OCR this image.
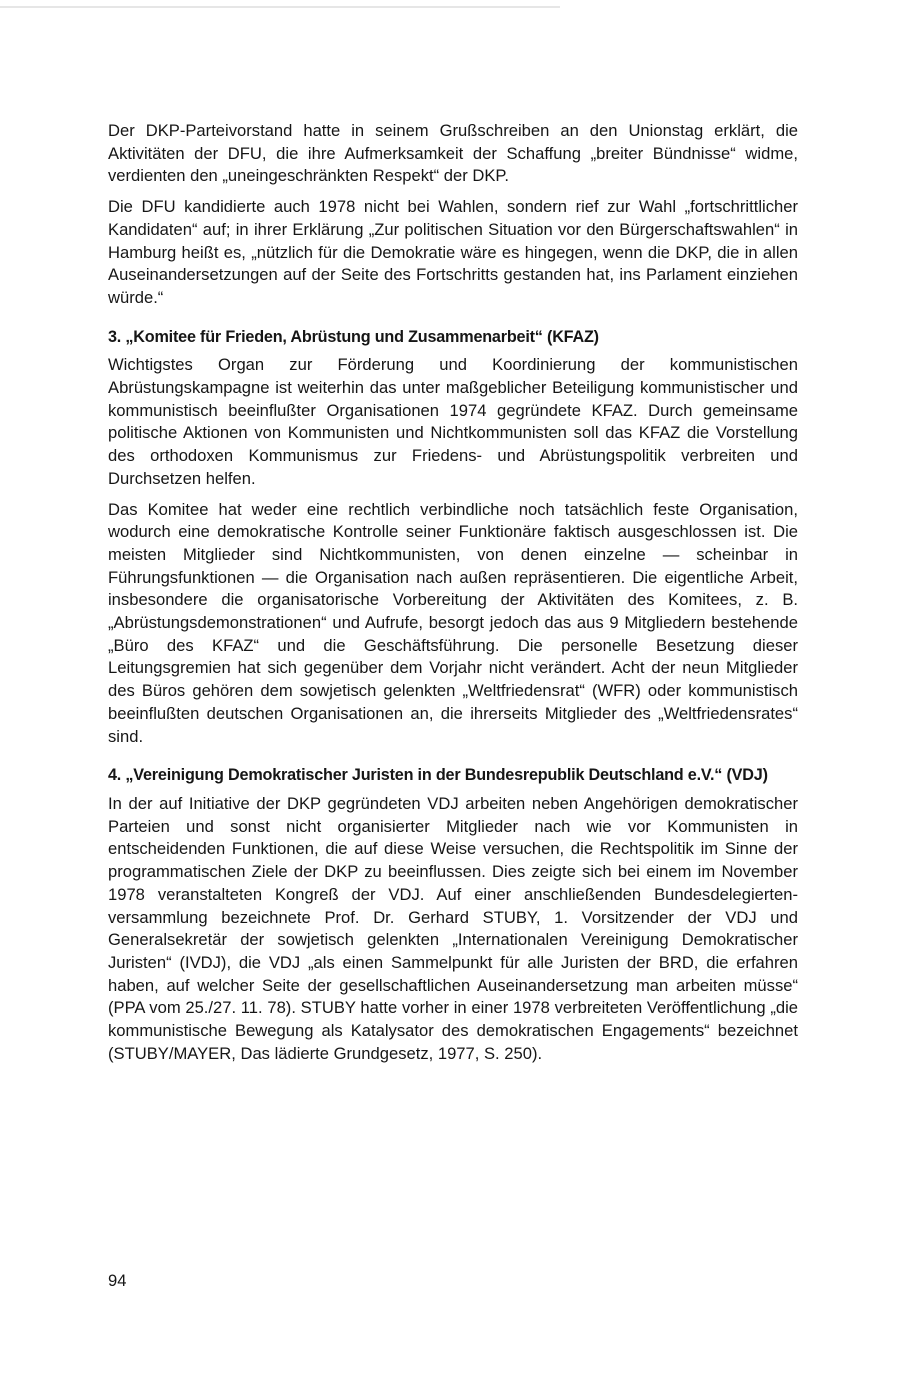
Der DKP-Parteivorstand hatte in seinem Grußschreiben an den Unionstag erklärt, die Aktivitäten der DFU, die ihre Aufmerksamkeit der Schaffung „breiter Bündnisse“ widme, verdienten den „uneingeschränkten Respekt“ der DKP.

Die DFU kandidierte auch 1978 nicht bei Wahlen, sondern rief zur Wahl „fortschrittlicher Kandidaten“ auf; in ihrer Erklärung „Zur politischen Situation vor den Bürgerschaftswahlen“ in Hamburg heißt es, „nützlich für die Demokratie wäre es hingegen, wenn die DKP, die in allen Auseinandersetzungen auf der Seite des Fortschritts gestanden hat, ins Parlament einziehen würde.“

3. „Komitee für Frieden, Abrüstung und Zusammenarbeit“ (KFAZ)

Wichtigstes Organ zur Förderung und Koordinierung der kommunistischen Abrüstungskampagne ist weiterhin das unter maßgeblicher Beteiligung kommunistischer und kommunistisch beeinflußter Organisationen 1974 gegründete KFAZ. Durch gemeinsame politische Aktionen von Kommunisten und Nichtkommunisten soll das KFAZ die Vorstellung des orthodoxen Kommunismus zur Friedens- und Abrüstungspolitik verbreiten und Durchsetzen helfen.

Das Komitee hat weder eine rechtlich verbindliche noch tatsächlich feste Organisation, wodurch eine demokratische Kontrolle seiner Funktionäre faktisch ausgeschlossen ist. Die meisten Mitglieder sind Nichtkommunisten, von denen einzelne — scheinbar in Führungsfunktionen — die Organisation nach außen repräsentieren. Die eigentliche Arbeit, insbesondere die organisatorische Vorbereitung der Aktivitäten des Komitees, z. B. „Abrüstungsdemonstrationen“ und Aufrufe, besorgt jedoch das aus 9 Mitgliedern bestehende „Büro des KFAZ“ und die Geschäftsführung. Die personelle Besetzung dieser Leitungsgremien hat sich gegenüber dem Vorjahr nicht verändert. Acht der neun Mitglieder des Büros gehören dem sowjetisch gelenkten „Weltfriedensrat“ (WFR) oder kommunistisch beeinflußten deutschen Organisationen an, die ihrerseits Mitglieder des „Weltfriedensrates“ sind.

4. „Vereinigung Demokratischer Juristen in der Bundesrepublik Deutschland e.V.“ (VDJ)

In der auf Initiative der DKP gegründeten VDJ arbeiten neben Angehörigen demokratischer Parteien und sonst nicht organisierter Mitglieder nach wie vor Kommunisten in entscheidenden Funktionen, die auf diese Weise versuchen, die Rechtspolitik im Sinne der programmatischen Ziele der DKP zu beeinflussen. Dies zeigte sich bei einem im November 1978 veranstalteten Kongreß der VDJ. Auf einer anschließenden Bundesdelegiertenversammlung bezeichnete Prof. Dr. Gerhard STUBY, 1. Vorsitzender der VDJ und Generalsekretär der sowjetisch gelenkten „Internationalen Vereinigung Demokratischer Juristen“ (IVDJ), die VDJ „als einen Sammelpunkt für alle Juristen der BRD, die erfahren haben, auf welcher Seite der gesellschaftlichen Auseinandersetzung man arbeiten müsse“ (PPA vom 25./27. 11. 78). STUBY hatte vorher in einer 1978 verbreiteten Veröffentlichung „die kommunistische Bewegung als Katalysator des demokratischen Engagements“ bezeichnet (STUBY/MAYER, Das lädierte Grundgesetz, 1977, S. 250).

94
